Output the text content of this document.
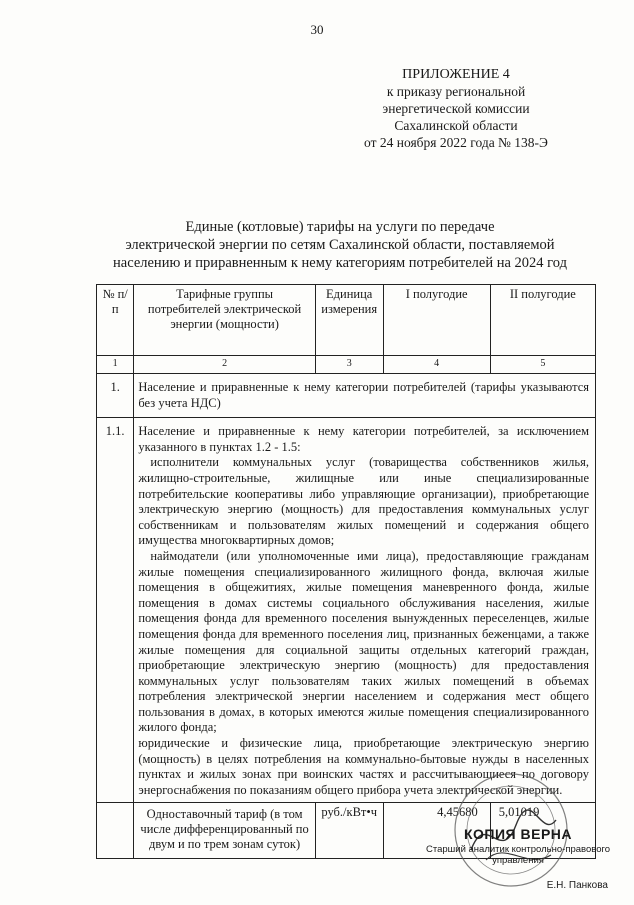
30
ПРИЛОЖЕНИЕ 4
к приказу региональной
энергетической комиссии
Сахалинской области
от 24 ноября 2022 года № 138-Э
Единые (котловые) тарифы на услуги по передаче
электрической энергии по сетям Сахалинской области, поставляемой
населению и приравненным к нему категориям потребителей на 2024 год
№ п/п	Тарифные группы потребителей электрической энергии (мощности)	Единица измерения	I полугодие	II полугодие
1	2	3	4	5
1.	Население и приравненные к нему категории потребителей (тарифы указываются без учета НДС)			
1.1.	Население и приравненные к нему категории потребителей, за исключением указанного в пунктах 1.2 - 1.5:
исполнители коммунальных услуг (товарищества собственников жилья, жилищно-строительные, жилищные или иные специализированные потребительские кооперативы либо управляющие организации), приобретающие электрическую энергию (мощность) для предоставления коммунальных услуг собственникам и пользователям жилых помещений и содержания общего имущества многоквартирных домов;
наймодатели (или уполномоченные ими лица), предоставляющие гражданам жилые помещения специализированного жилищного фонда, включая жилые помещения в общежитиях, жилые помещения маневренного фонда, жилые помещения в домах системы социального обслуживания населения, жилые помещения фонда для временного поселения вынужденных переселенцев, жилые помещения фонда для временного поселения лиц, признанных беженцами, а также жилые помещения для социальной защиты отдельных категорий граждан, приобретающие электрическую энергию (мощность) для предоставления коммунальных услуг пользователям таких жилых помещений в объемах потребления электрической энергии населением и содержания мест общего пользования в домах, в которых имеются жилые помещения специализированного жилого фонда;
юридические и физические лица, приобретающие электрическую энергию (мощность) в целях потребления на коммунально-бытовые нужды в населенных пунктах и жилых зонах при воинских частях и рассчитывающиеся по договору энергоснабжения по показаниям общего прибора учета электрической энергии.			

	Одноставочный тариф (в том числе дифференцированный по двум и по трем зонам суток)	руб./кВт•ч	4,45680	5,01019
КОПИЯ ВЕРНА
Старший аналитик контрольно-правового управления
Е.Н. Панкова
